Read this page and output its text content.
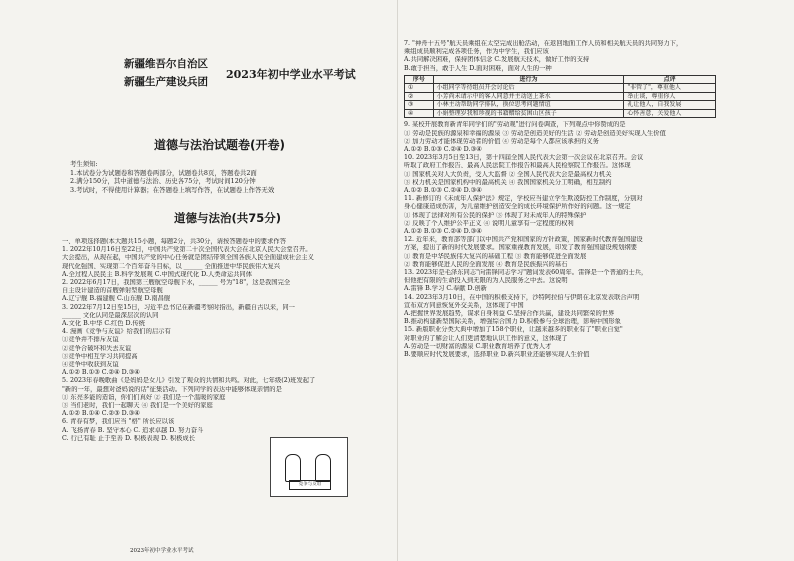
新疆维吾尔自治区
新疆生产建设兵团
2023年初中学业水平考试
道德与法治试题卷(开卷)
考生须知:
1.本试卷分为试题卷和答题卷两部分，试题卷共8页，答题卷共2面
2.满分150分，其中道德与法治、历史各75分，考试时间120分钟
3.考试时，不得使用计算器；在答题卷上填写作答，在试题卷上作答无效
道德与法治(共75分)
一、单项选择题(本大题共15小题，每题2分，共30分，请按答题卷中的要求作答
1. 2022年10月16日至22日，中国共产党第二十次全国代表大会在北京人民大会堂召开。
大会提出，从现在起，中国共产党的中心任务就是团结带领全国各族人民全面建成社会主义
现代化强国、实现第二个百年奋斗目标，以 ______ 全面推进中华民族伟大复兴
A.全过程人民民主 B.科学发展观 C.中国式现代化 D.人类命运共同体
2. 2022年6月17日，我国第三艘航空母舰下水，______ 号为"18"，这是我国完全
自主设计建造的首艘弹射型航空母舰
A.辽宁舰 B.福建舰 C.山东舰 D.南昌舰
3. 2022年7月12日至15日，习近平总书记在新疆考察时指出，新疆自古以来，同一
______ 文化认同是最深层次的认同
A.文化 B.中华 C.红色 D.传统
4. 漫画《竞争与友谊》给我们的启示有
①竞争并不排斥友谊
②竞争合破坏和失去友谊
③竞争中相互学习共同提高
④竞争中收获到友谊
A.①② B.①③ C.②④ D.③④
5. 2023年春晚歌曲《是妈妈是女儿》引发了观众的共情和共鸣。对此，七年级(2)班发起了
"新的一年，最想对爸妈说的话"征集活动。下列同学的表达中能够体现亲情的是
① 东亮多能的造诣，你们们真好 ② 我们是一个温暖的家庭
③ 当们老时，我们一起聊天 ④ 我们是一个美好的家庭
A.①② B.①④ C.②③ D.③④
6. 青春有梦，我们应当 "格" 所长应以该
A. 飞扬青春 B. 坚守本心 C. 追求卓越 D. 努力奋斗
C. 行已有耻 止于至善 D. 积极表现 D. 积极成长
2023年初中学业水平考试
竞争与友谊
7. "神舟十五号"航天员乘组在太空完成出舱活动，在返回地面工作人员和相关航天员的共同努力下，
乘组成员顺利完成各项任务，作为中学生，我们应该
A.共同解决困难，保持团体信念 C.发展航天技术，做好工作的支持
B.敢于担当，敢于人生 D.面对困难，面对人生的一种
序号	进行为	点评
①	小组同学等待组员开会讨论后	"非管了"，尊重他人
②	小芳尚未请示中的客人同意并主动送上茶水	举止谈，尊重你人
③	小林主动帮助同学排队，换位思考问题情谊	礼让他人，自我发展
④	小娟整理岁我和珍视的书籍赠给贫困山区孩子	心怀善意，关爱他人
9. 某校开展教育新青年同学们的"劳动观"进行问卷调查，下列观点中你赞成的是
① 劳动是民族的源泉和幸福的源泉 ③ 劳动是创造美好的生活 ② 劳动是创造美好实现人生价值
② 加力劳动才能体现劳动者的价值 ④ 劳动是每个人都应该承担的义务
A.①② B.①③ C.②④ D.③④
10. 2023年3月5日至13日，第十四届全国人民代表大会第一次会议在北京召开。会议
听取了政府工作报告、最高人民法院工作报告和最高人民检察院工作报告。这体现
① 国家机关对人大负责，受人大监督 ② 全国人民代表大会是最高权力机关
③ 权力机关是国家机构中的最高机关 ④ 我国国家机关分工明确，相互制约
A.①② B.①③ C.②④ D.③④
11. 新修订的《未成年人保护法》规定，学校应当建立学生欺凌防控工作制度，分别对
身心健康造成伤害，为儿童维护创造安全的成长环境保护所作好的问题。这一规定
① 体现了法律对所有公民的保护 ③ 体现了对未成年人的特殊保护
② 反映了个人维护公平正义 ④ 说明儿童享有一定程度的权利
A.①② B.①③ C.②④ D.③④
12. 近年来，教育部等部门以中国共产党和国家的方针政策，国家新时代教育强国建设
方案，提出了新的时代发展要求。国家重视教育发展，印发了教育强国建设规划纲要
① 教育是中华民族伟大复兴的基础工程 ③ 教育能够促进全面发展
② 教育能够促进人民的全面发展 ④ 教育是民族振兴的基石
13. 2023年是毛泽东同志"向雷锋同志学习"题词发表60周年。雷锋是一个普通的士兵，
但他把有限的生命投入到无限的为人民服务之中去。这说明
A.雷锋 B.学习 C.奉献 D.创新
14. 2023年3月10日，在中国的积极支持下，沙特阿拉伯与伊朗在北京发表联合声明
宣布双方同意恢复外交关系，这体现了中国
A.把握世界发展趋势，谋求自身利益 C.坚持合作共赢，建设共同繁荣的世界
B.推动构建新型国际关系，增强综合国力 D.积极参与全球治理，影响中国形象
15. 新版职业分类大典中增加了158个职业，让越来越多的职业有了"职业自觉"
对职业的了解会让人们更清楚地认识工作的意义，这体现了
A.劳动是一切财富的源泉 C.职业教育培养了优秀人才
B.要顺应时代发展要求，选择职业 D.新兴职业还能够实现人生价值
